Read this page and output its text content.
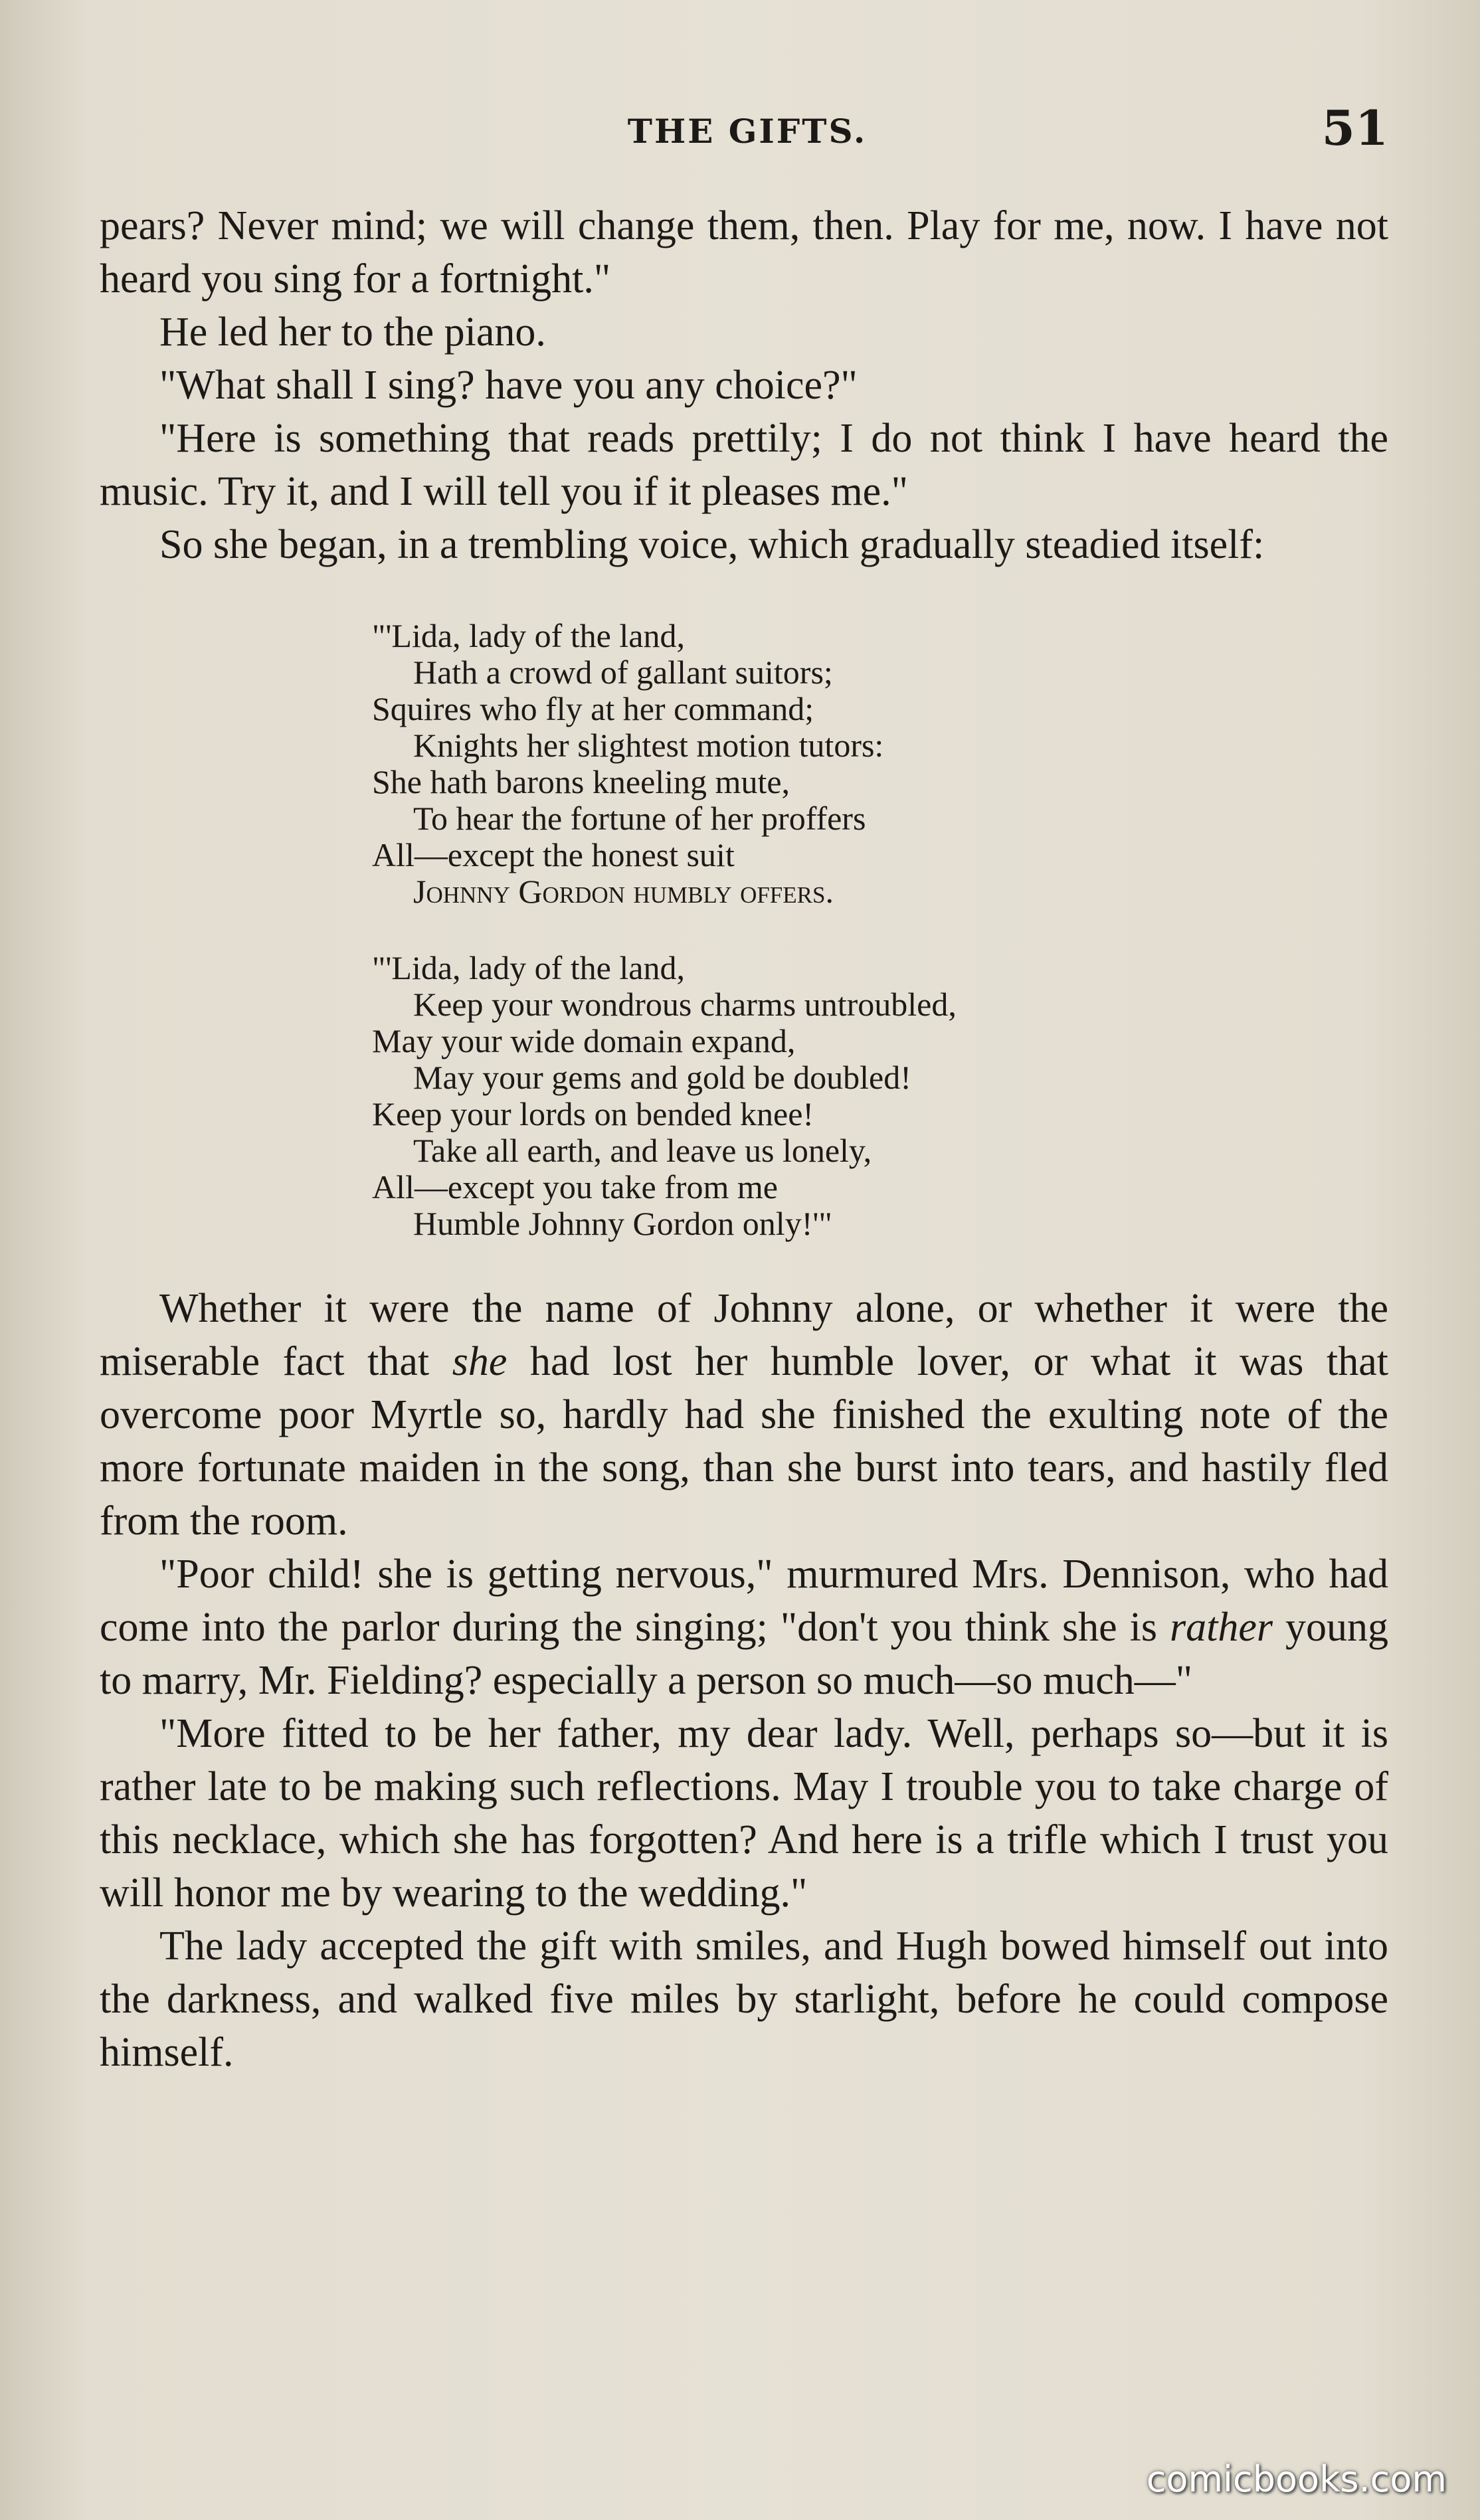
THE GIFTS.	51

pears? Never mind; we will change them, then. Play for me, now. I have not heard you sing for a fortnight."

He led her to the piano.

"What shall I sing? have you any choice?"

"Here is something that reads prettily; I do not think I have heard the music. Try it, and I will tell you if it pleases me."

So she began, in a trembling voice, which gradually steadied itself:

"'Lida, lady of the land,
Hath a crowd of gallant suitors;
Squires who fly at her command;
Knights her slightest motion tutors:
She hath barons kneeling mute,
To hear the fortune of her proffers
All—except the honest suit
Johnny Gordon humbly offers.
"'Lida, lady of the land,
Keep your wondrous charms untroubled,
May your wide domain expand,
May your gems and gold be doubled!
Keep your lords on bended knee!
Take all earth, and leave us lonely,
All—except you take from me
Humble Johnny Gordon only!'"

Whether it were the name of Johnny alone, or whether it were the miserable fact that she had lost her humble lover, or what it was that overcome poor Myrtle so, hardly had she finished the exulting note of the more fortunate maiden in the song, than she burst into tears, and hastily fled from the room.

"Poor child! she is getting nervous," murmured Mrs. Dennison, who had come into the parlor during the singing; "don't you think she is rather young to marry, Mr. Fielding? especially a person so much—so much—"

"More fitted to be her father, my dear lady. Well, perhaps so—but it is rather late to be making such reflections. May I trouble you to take charge of this necklace, which she has forgotten? And here is a trifle which I trust you will honor me by wearing to the wedding."

The lady accepted the gift with smiles, and Hugh bowed himself out into the darkness, and walked five miles by starlight, before he could compose himself.

comicbooks.com
